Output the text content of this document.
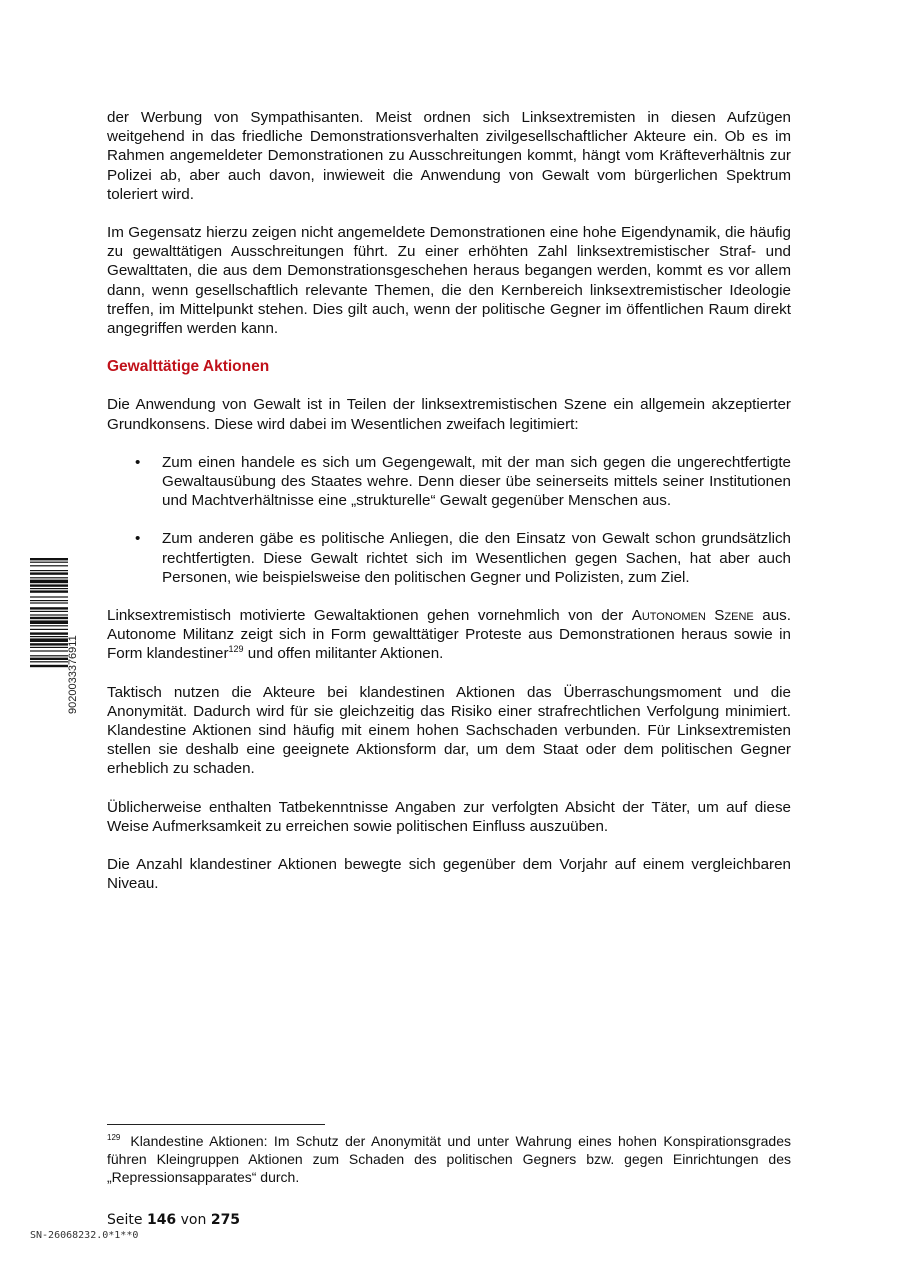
9020033376911

der Werbung von Sympathisanten. Meist ordnen sich Linksextremisten in diesen Aufzügen weitgehend in das friedliche Demonstrationsverhalten zivilgesellschaftlicher Akteure ein. Ob es im Rahmen angemeldeter Demonstrationen zu Ausschreitungen kommt, hängt vom Kräfteverhältnis zur Polizei ab, aber auch davon, inwieweit die Anwendung von Gewalt vom bürgerlichen Spektrum toleriert wird.

Im Gegensatz hierzu zeigen nicht angemeldete Demonstrationen eine hohe Eigendynamik, die häufig zu gewalttätigen Ausschreitungen führt. Zu einer erhöhten Zahl linksextremistischer Straf- und Gewalttaten, die aus dem Demonstrationsgeschehen heraus begangen werden, kommt es vor allem dann, wenn gesellschaftlich relevante Themen, die den Kernbereich linksextremistischer Ideologie treffen, im Mittelpunkt stehen. Dies gilt auch, wenn der politische Gegner im öffentlichen Raum direkt angegriffen werden kann.

Gewalttätige Aktionen

Die Anwendung von Gewalt ist in Teilen der linksextremistischen Szene ein allgemein akzeptierter Grundkonsens. Diese wird dabei im Wesentlichen zweifach legitimiert:

• Zum einen handele es sich um Gegengewalt, mit der man sich gegen die ungerechtfertigte Gewaltausübung des Staates wehre. Denn dieser übe seinerseits mittels seiner Institutionen und Machtverhältnisse eine „strukturelle“ Gewalt gegenüber Menschen aus.
• Zum anderen gäbe es politische Anliegen, die den Einsatz von Gewalt schon grundsätzlich rechtfertigten. Diese Gewalt richtet sich im Wesentlichen gegen Sachen, hat aber auch Personen, wie beispielsweise den politischen Gegner und Polizisten, zum Ziel.

Linksextremistisch motivierte Gewaltaktionen gehen vornehmlich von der Autonomen Szene aus. Autonome Militanz zeigt sich in Form gewalttätiger Proteste aus Demonstrationen heraus sowie in Form klandestiner$^{129}$ und offen militanter Aktionen.

Taktisch nutzen die Akteure bei klandestinen Aktionen das Überraschungsmoment und die Anonymität. Dadurch wird für sie gleichzeitig das Risiko einer strafrechtlichen Verfolgung minimiert. Klandestine Aktionen sind häufig mit einem hohen Sachschaden verbunden. Für Linksextremisten stellen sie deshalb eine geeignete Aktionsform dar, um dem Staat oder dem politischen Gegner erheblich zu schaden.

Üblicherweise enthalten Tatbekenntnisse Angaben zur verfolgten Absicht der Täter, um auf diese Weise Aufmerksamkeit zu erreichen sowie politischen Einfluss auszuüben.

Die Anzahl klandestiner Aktionen bewegte sich gegenüber dem Vorjahr auf einem vergleichbaren Niveau.

$^{129}$ Klandestine Aktionen: Im Schutz der Anonymität und unter Wahrung eines hohen Konspirationsgrades führen Kleingruppen Aktionen zum Schaden des politischen Gegners bzw. gegen Einrichtungen des „Repressionsapparates“ durch.
Seite 146 von 275
SN-26068232.0*1**0
